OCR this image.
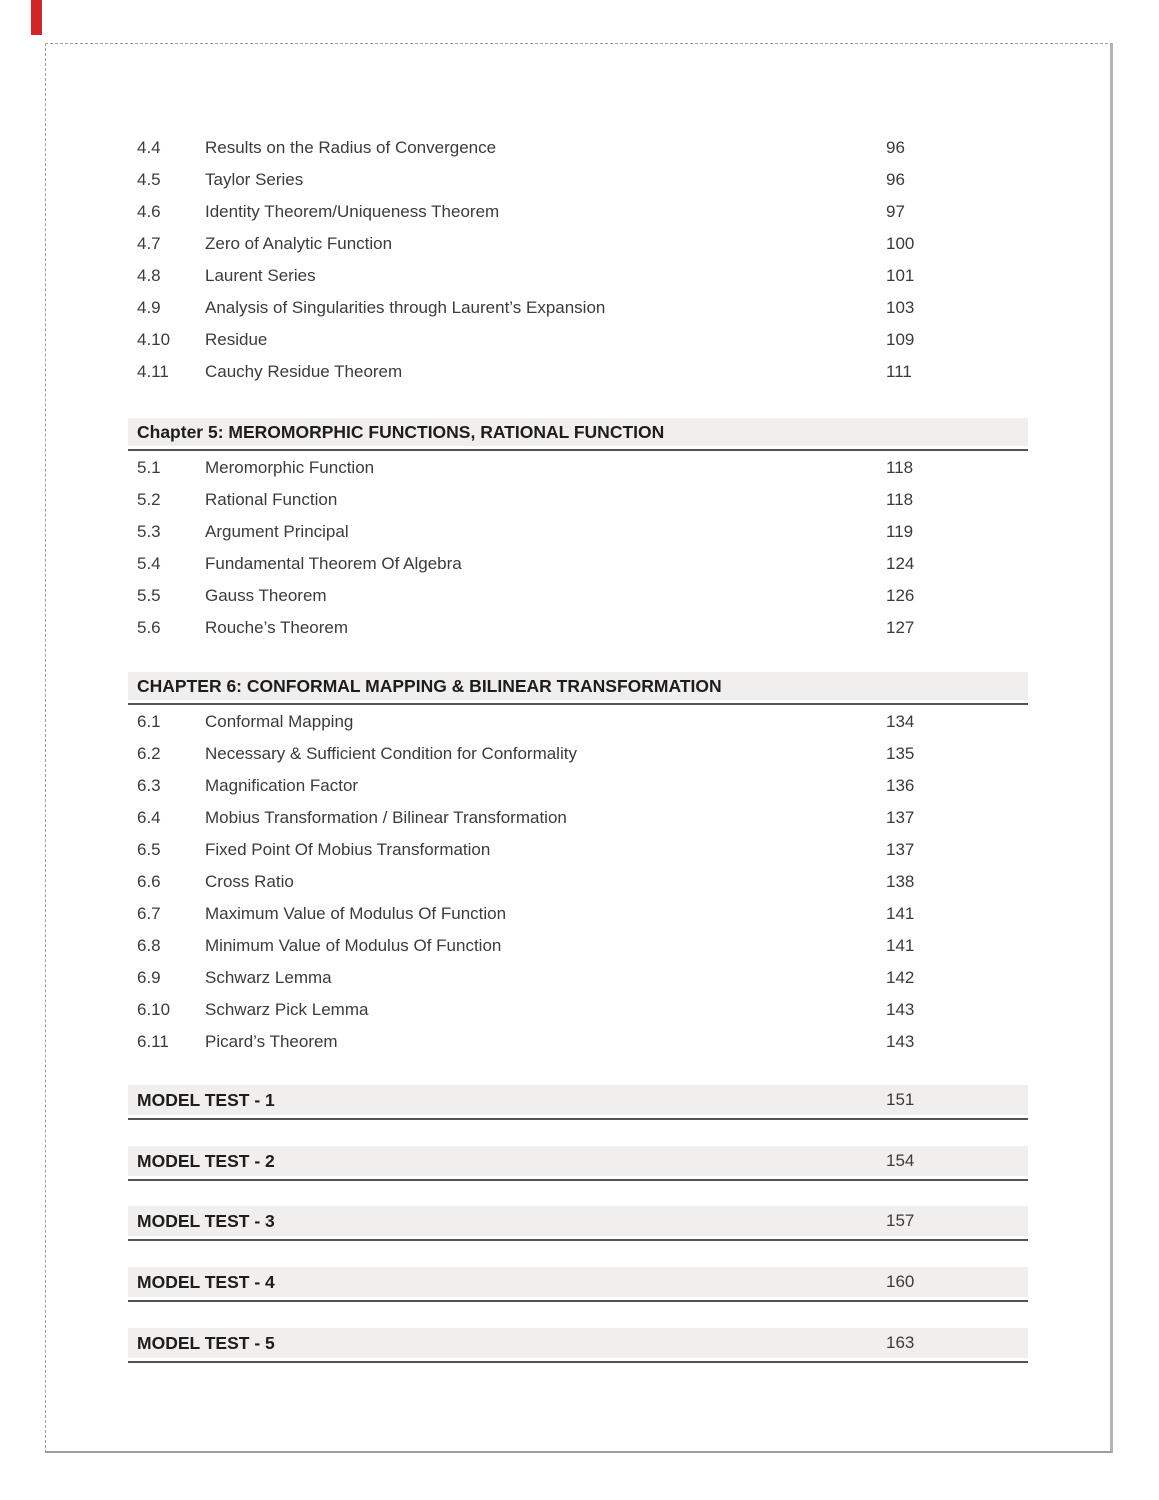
4.4	Results on the Radius of Convergence	96
4.5	Taylor Series	96
4.6	Identity Theorem/Uniqueness Theorem	97
4.7	Zero of Analytic Function	100
4.8	Laurent Series	101
4.9	Analysis of Singularities through Laurent’s Expansion	103
4.10	Residue	109
4.11	Cauchy Residue Theorem	111
Chapter 5: MEROMORPHIC FUNCTIONS, RATIONAL FUNCTION
5.1	Meromorphic Function	118
5.2	Rational Function	118
5.3	Argument Principal	119
5.4	Fundamental Theorem Of Algebra	124
5.5	Gauss Theorem	126
5.6	Rouche’s Theorem	127
CHAPTER 6: CONFORMAL MAPPING & BILINEAR TRANSFORMATION
6.1	Conformal Mapping	134
6.2	Necessary & Sufficient Condition for Conformality	135
6.3	Magnification Factor	136
6.4	Mobius Transformation / Bilinear Transformation	137
6.5	Fixed Point Of Mobius Transformation	137
6.6	Cross Ratio	138
6.7	Maximum Value of Modulus Of Function	141
6.8	Minimum Value of Modulus Of Function	141
6.9	Schwarz Lemma	142
6.10	Schwarz Pick Lemma	143
6.11	Picard’s Theorem	143
MODEL TEST - 1	151
MODEL TEST - 2	154
MODEL TEST - 3	157
MODEL TEST - 4	160
MODEL TEST - 5	163
